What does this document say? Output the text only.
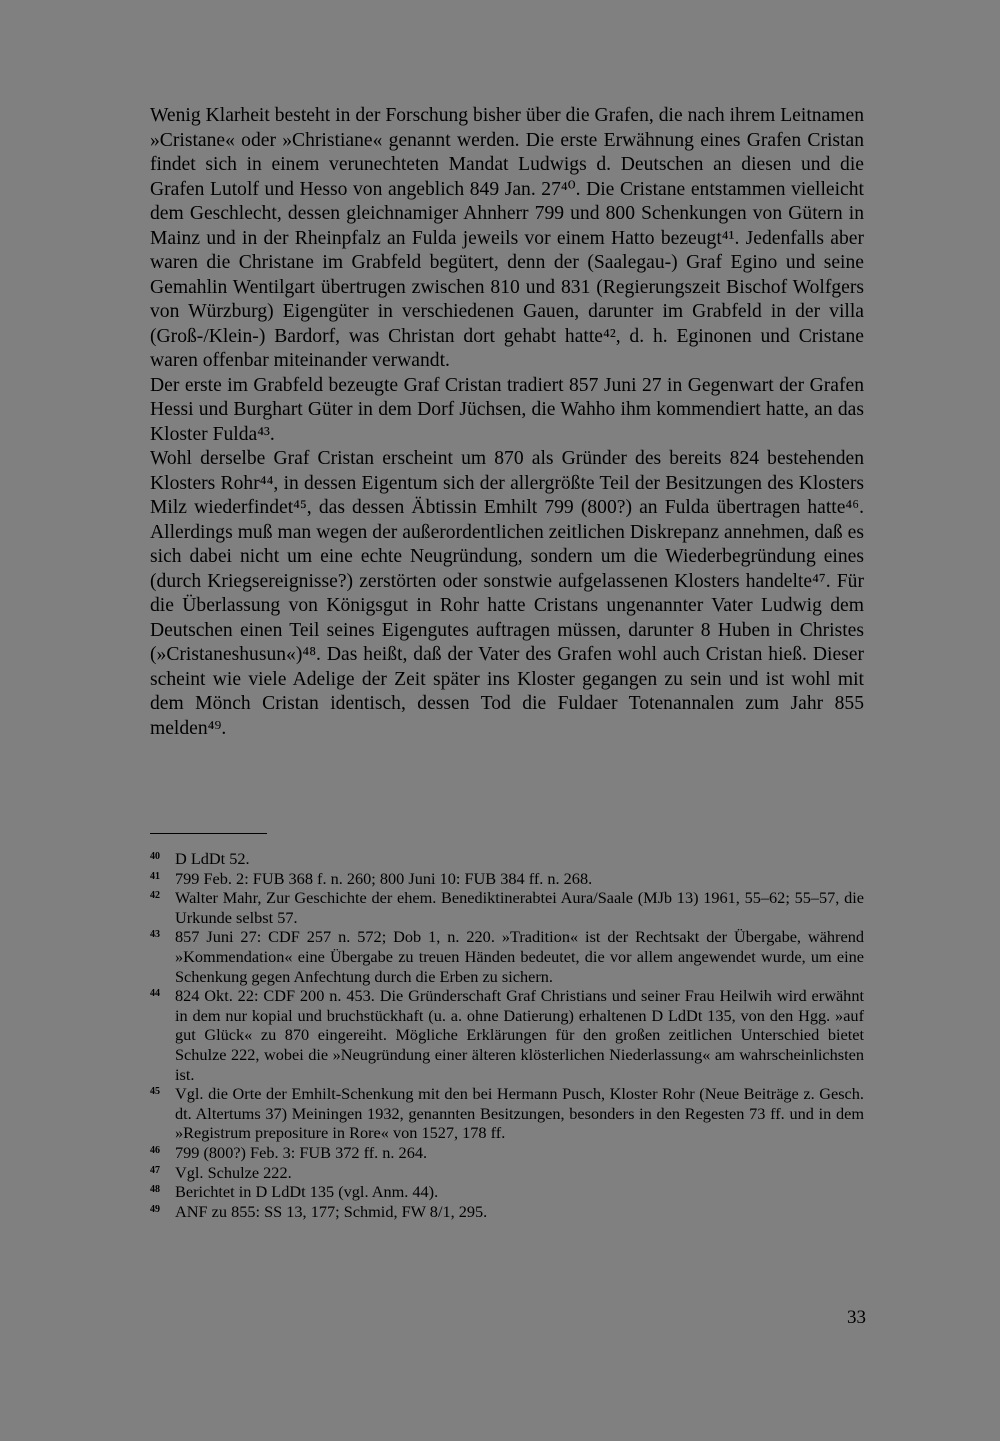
Wenig Klarheit besteht in der Forschung bisher über die Grafen, die nach ihrem Leitnamen »Cristane« oder »Christiane« genannt werden. Die erste Erwähnung eines Grafen Cristan findet sich in einem verunechteten Mandat Ludwigs d. Deutschen an diesen und die Grafen Lutolf und Hesso von angeblich 849 Jan. 27⁴⁰. Die Cristane entstammen vielleicht dem Geschlecht, dessen gleichnamiger Ahnherr 799 und 800 Schenkungen von Gütern in Mainz und in der Rheinpfalz an Fulda jeweils vor einem Hatto bezeugt⁴¹. Jedenfalls aber waren die Christane im Grabfeld begütert, denn der (Saalegau-) Graf Egino und seine Gemahlin Wentilgart übertrugen zwischen 810 und 831 (Regierungszeit Bischof Wolfgers von Würzburg) Eigengüter in verschiedenen Gauen, darunter im Grabfeld in der villa (Groß-/Klein-) Bardorf, was Christan dort gehabt hatte⁴², d. h. Eginonen und Cristane waren offenbar miteinander verwandt.

Der erste im Grabfeld bezeugte Graf Cristan tradiert 857 Juni 27 in Gegenwart der Grafen Hessi und Burghart Güter in dem Dorf Jüchsen, die Wahho ihm kommendiert hatte, an das Kloster Fulda⁴³.

Wohl derselbe Graf Cristan erscheint um 870 als Gründer des bereits 824 bestehenden Klosters Rohr⁴⁴, in dessen Eigentum sich der allergrößte Teil der Besitzungen des Klosters Milz wiederfindet⁴⁵, das dessen Äbtissin Emhilt 799 (800?) an Fulda übertragen hatte⁴⁶. Allerdings muß man wegen der außerordentlichen zeitlichen Diskrepanz annehmen, daß es sich dabei nicht um eine echte Neugründung, sondern um die Wiederbegründung eines (durch Kriegsereignisse?) zerstörten oder sonstwie aufgelassenen Klosters handelte⁴⁷. Für die Überlassung von Königsgut in Rohr hatte Cristans ungenannter Vater Ludwig dem Deutschen einen Teil seines Eigengutes auftragen müssen, darunter 8 Huben in Christes (»Cristaneshusun«)⁴⁸. Das heißt, daß der Vater des Grafen wohl auch Cristan hieß. Dieser scheint wie viele Adelige der Zeit später ins Kloster gegangen zu sein und ist wohl mit dem Mönch Cristan identisch, dessen Tod die Fuldaer Totenannalen zum Jahr 855 melden⁴⁹.

40 D LdDt 52.
41 799 Feb. 2: FUB 368 f. n. 260; 800 Juni 10: FUB 384 ff. n. 268.
42 Walter Mahr, Zur Geschichte der ehem. Benediktinerabtei Aura/Saale (MJb 13) 1961, 55–62; 55–57, die Urkunde selbst 57.
43 857 Juni 27: CDF 257 n. 572; Dob 1, n. 220. »Tradition« ist der Rechtsakt der Übergabe, während »Kommendation« eine Übergabe zu treuen Händen bedeutet, die vor allem angewendet wurde, um eine Schenkung gegen Anfechtung durch die Erben zu sichern.
44 824 Okt. 22: CDF 200 n. 453. Die Gründerschaft Graf Christians und seiner Frau Heilwih wird erwähnt in dem nur kopial und bruchstückhaft (u. a. ohne Datierung) erhaltenen D LdDt 135, von den Hgg. »auf gut Glück« zu 870 eingereiht. Mögliche Erklärungen für den großen zeitlichen Unterschied bietet Schulze 222, wobei die »Neugründung einer älteren klösterlichen Niederlassung« am wahrscheinlichsten ist.
45 Vgl. die Orte der Emhilt-Schenkung mit den bei Hermann Pusch, Kloster Rohr (Neue Beiträge z. Gesch. dt. Altertums 37) Meiningen 1932, genannten Besitzungen, besonders in den Regesten 73 ff. und in dem »Registrum prepositure in Rore« von 1527, 178 ff.
46 799 (800?) Feb. 3: FUB 372 ff. n. 264.
47 Vgl. Schulze 222.
48 Berichtet in D LdDt 135 (vgl. Anm. 44).
49 ANF zu 855: SS 13, 177; Schmid, FW 8/1, 295.
33
